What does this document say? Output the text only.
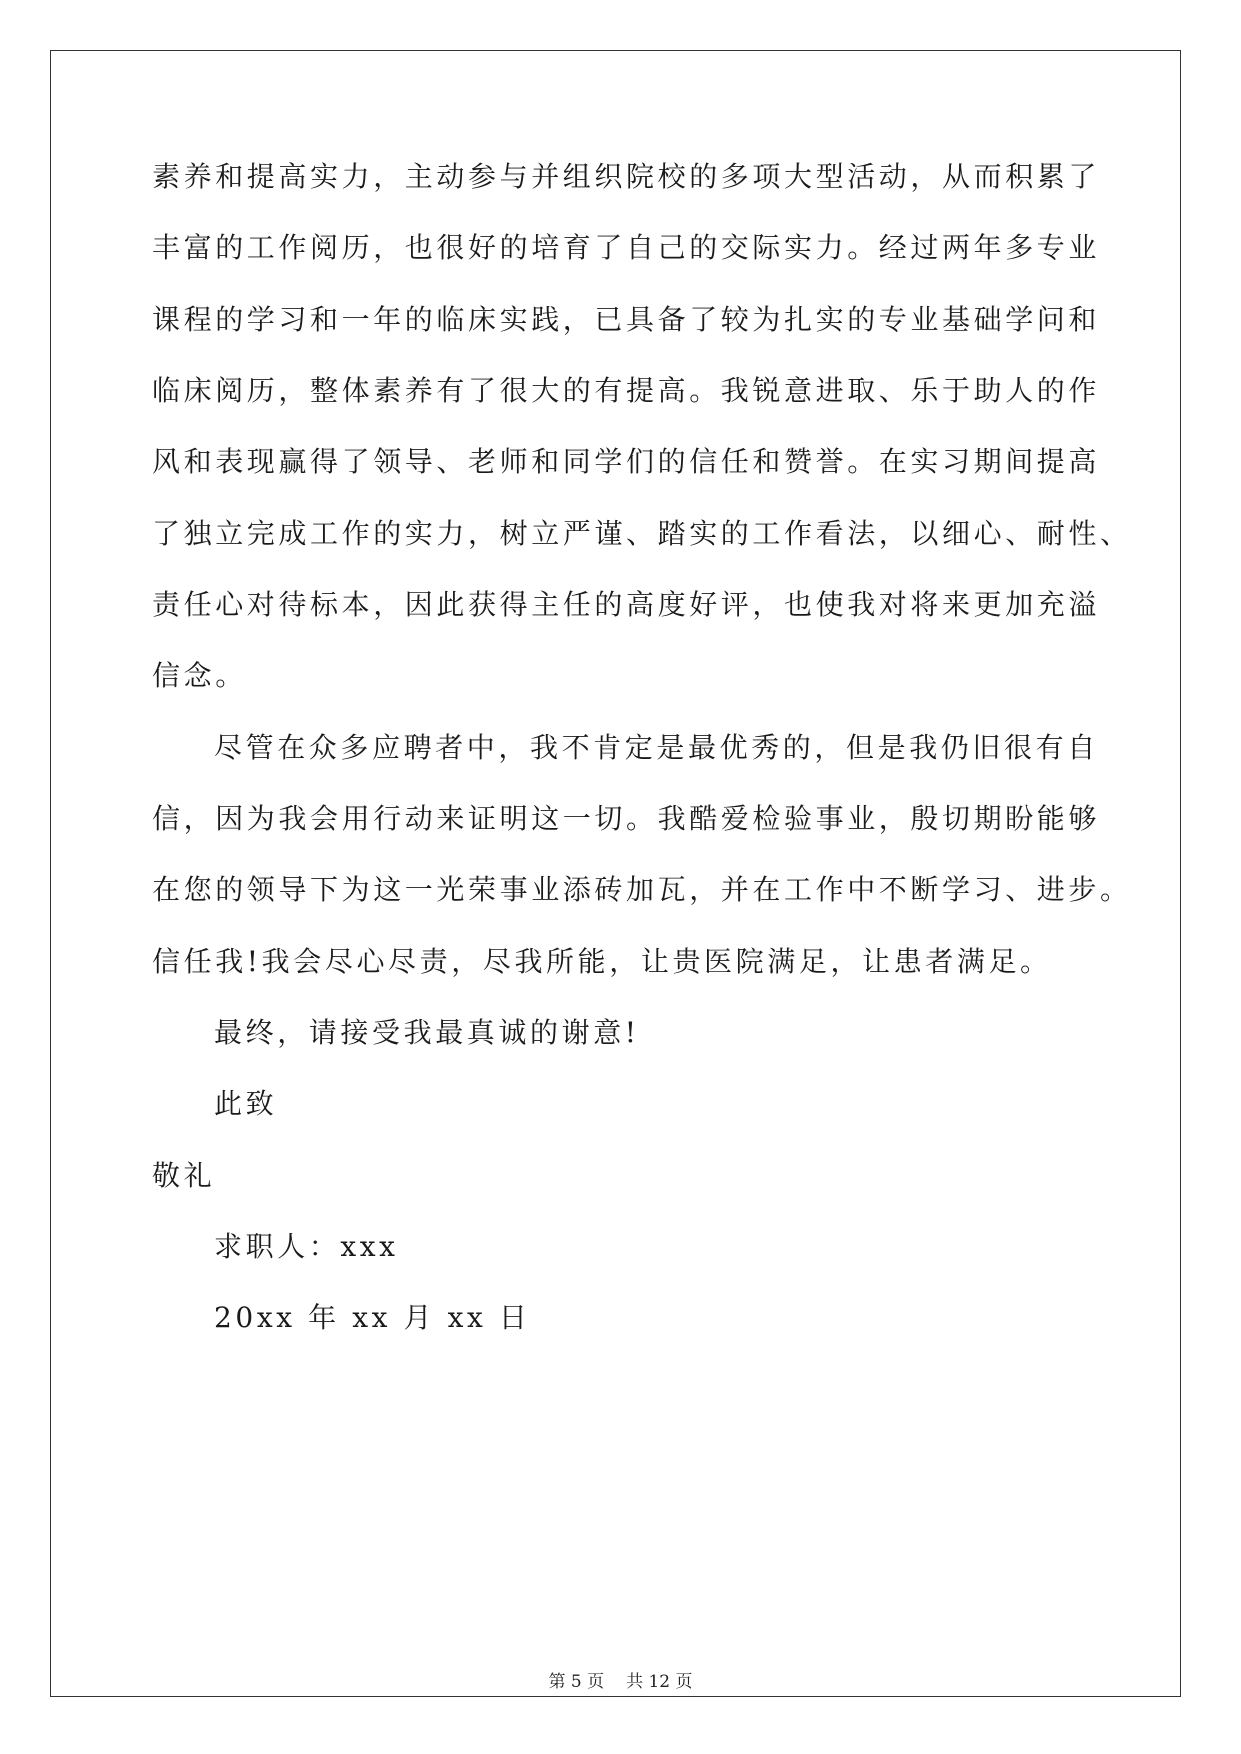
素养和提高实力，主动参与并组织院校的多项大型活动，从而积累了
丰富的工作阅历，也很好的培育了自己的交际实力。经过两年多专业
课程的学习和一年的临床实践，已具备了较为扎实的专业基础学问和
临床阅历，整体素养有了很大的有提高。我锐意进取、乐于助人的作
风和表现赢得了领导、老师和同学们的信任和赞誉。在实习期间提高
了独立完成工作的实力，树立严谨、踏实的工作看法，以细心、耐性、
责任心对待标本，因此获得主任的高度好评，也使我对将来更加充溢
信念。
尽管在众多应聘者中，我不肯定是最优秀的，但是我仍旧很有自
信，因为我会用行动来证明这一切。我酷爱检验事业，殷切期盼能够
在您的领导下为这一光荣事业添砖加瓦，并在工作中不断学习、进步。
信任我!我会尽心尽责，尽我所能，让贵医院满足，让患者满足。
最终，请接受我最真诚的谢意!
此致
敬礼
求职人：xxx
20xx 年 xx 月 xx 日
第 5 页 共 12 页
